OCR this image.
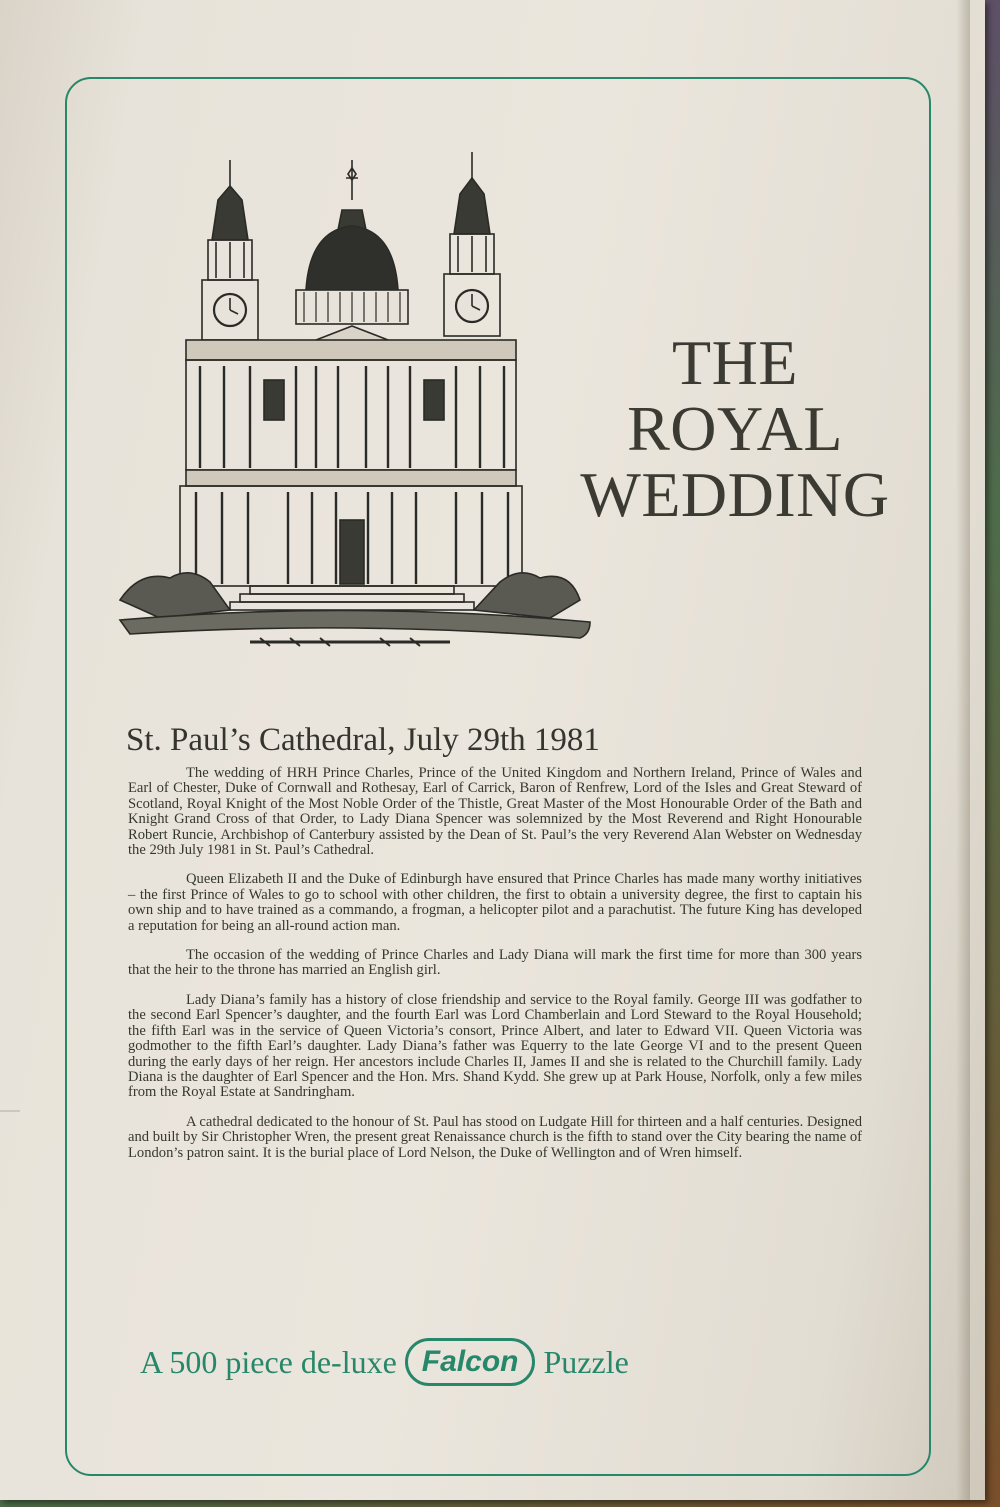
THE
ROYAL
WEDDING
St. Paul’s Cathedral, July 29th 1981

The wedding of HRH Prince Charles, Prince of the United Kingdom and Northern Ireland, Prince of Wales and Earl of Chester, Duke of Cornwall and Rothesay, Earl of Carrick, Baron of Renfrew, Lord of the Isles and Great Steward of Scotland, Royal Knight of the Most Noble Order of the Thistle, Great Master of the Most Honourable Order of the Bath and Knight Grand Cross of that Order, to Lady Diana Spencer was solemnized by the Most Reverend and Right Honourable Robert Runcie, Archbishop of Canterbury assisted by the Dean of St. Paul’s the very Reverend Alan Webster on Wednesday the 29th July 1981 in St. Paul’s Cathedral.

Queen Elizabeth II and the Duke of Edinburgh have ensured that Prince Charles has made many worthy initiatives – the first Prince of Wales to go to school with other children, the first to obtain a university degree, the first to captain his own ship and to have trained as a commando, a frogman, a helicopter pilot and a parachutist. The future King has developed a reputation for being an all-round action man.

The occasion of the wedding of Prince Charles and Lady Diana will mark the first time for more than 300 years that the heir to the throne has married an English girl.

Lady Diana’s family has a history of close friendship and service to the Royal family. George III was godfather to the second Earl Spencer’s daughter, and the fourth Earl was Lord Chamberlain and Lord Steward to the Royal Household; the fifth Earl was in the service of Queen Victoria’s consort, Prince Albert, and later to Edward VII. Queen Victoria was godmother to the fifth Earl’s daughter. Lady Diana’s father was Equerry to the late George VI and to the present Queen during the early days of her reign. Her ancestors include Charles II, James II and she is related to the Churchill family. Lady Diana is the daughter of Earl Spencer and the Hon. Mrs. Shand Kydd. She grew up at Park House, Norfolk, only a few miles from the Royal Estate at Sandringham.

A cathedral dedicated to the honour of St. Paul has stood on Ludgate Hill for thirteen and a half centuries. Designed and built by Sir Christopher Wren, the present great Renaissance church is the fifth to stand over the City bearing the name of London’s patron saint. It is the burial place of Lord Nelson, the Duke of Wellington and of Wren himself.

A 500 piece de-luxe Falcon Puzzle
